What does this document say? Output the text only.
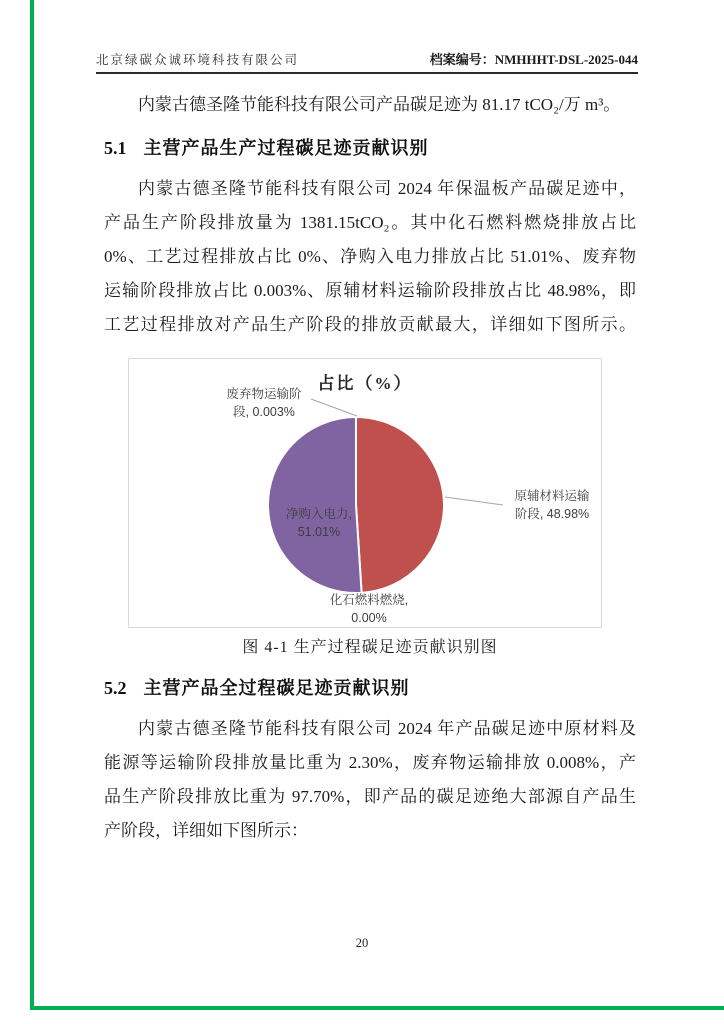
北京绿碳众诚环境科技有限公司	档案编号：NMHHHT-DSL-2025-044
内蒙古德圣隆节能科技有限公司产品碳足迹为 81.17 tCO₂/万 m³。
5.1 主营产品生产过程碳足迹贡献识别
内蒙古德圣隆节能科技有限公司 2024 年保温板产品碳足迹中，
产品生产阶段排放量为 1381.15tCO₂。其中化石燃料燃烧排放占比
0%、工艺过程排放占比 0%、净购入电力排放占比 51.01%、废弃物
运输阶段排放占比 0.003%、原辅材料运输阶段排放占比 48.98%，即
工艺过程排放对产品生产阶段的排放贡献最大，详细如下图所示。
占比（%）
废弃物运输阶
段, 0.003%
原辅材料运输
阶段, 48.98%
净购入电力,
51.01%
化石燃料燃烧,
0.00%
图 4-1 生产过程碳足迹贡献识别图
5.2 主营产品全过程碳足迹贡献识别
内蒙古德圣隆节能科技有限公司 2024 年产品碳足迹中原材料及
能源等运输阶段排放量比重为 2.30%，废弃物运输排放 0.008%，产
品生产阶段排放比重为 97.70%，即产品的碳足迹绝大部源自产品生
产阶段，详细如下图所示：
20
